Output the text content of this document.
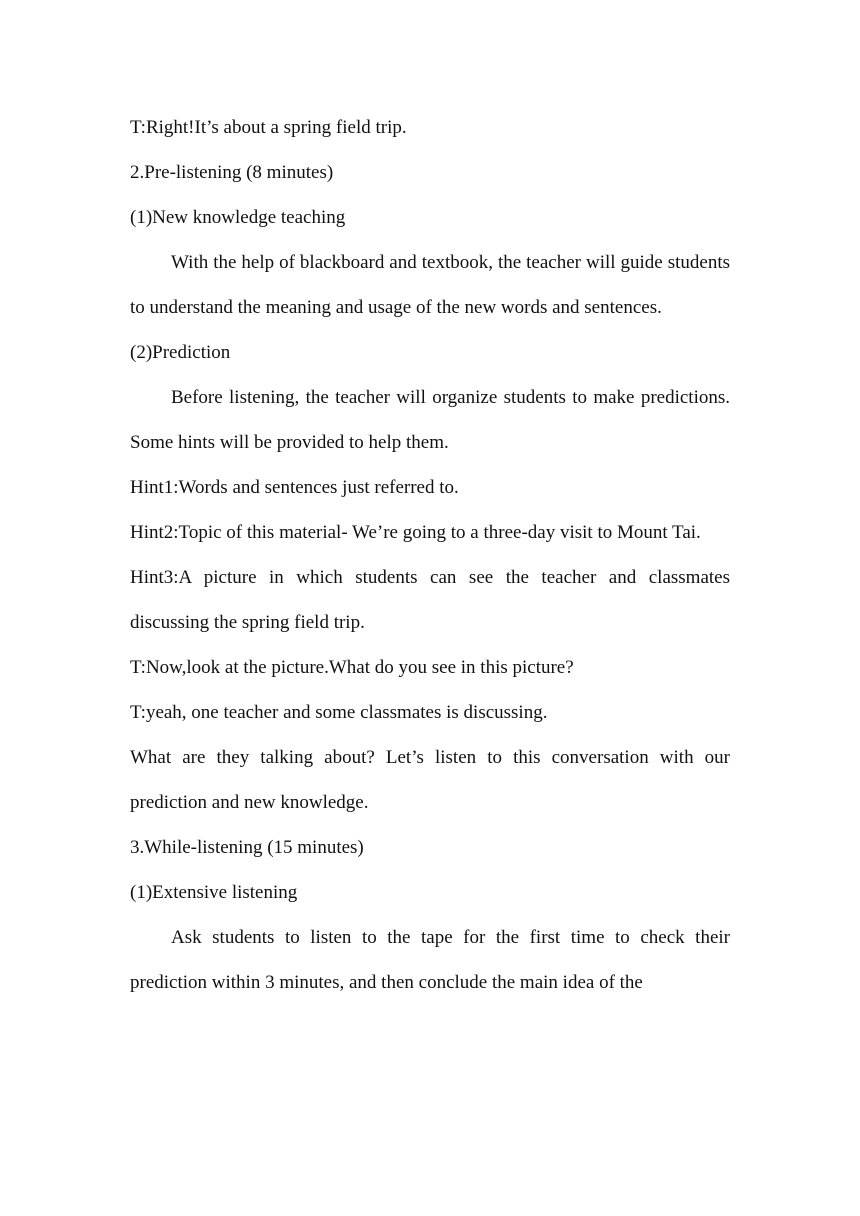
T:Right!It’s about a spring field trip.
2.Pre-listening (8 minutes)
(1)New knowledge teaching
With the help of blackboard and textbook, the teacher will guide students to understand the meaning and usage of the new words and sentences.
(2)Prediction
Before listening, the teacher will organize students to make predictions. Some hints will be provided to help them.
Hint1:Words and sentences just referred to.
Hint2:Topic of this material- We’re going to a three-day visit to Mount Tai.
Hint3:A picture in which students can see the teacher and classmates discussing the spring field trip.
T:Now,look at the picture.What do you see in this picture?
T:yeah, one teacher and some classmates is discussing.
What are they talking about? Let’s listen to this conversation with our prediction and new knowledge.
3.While-listening (15 minutes)
(1)Extensive listening
Ask students to listen to the tape for the first time to check their prediction within 3 minutes, and then conclude the main idea of the
